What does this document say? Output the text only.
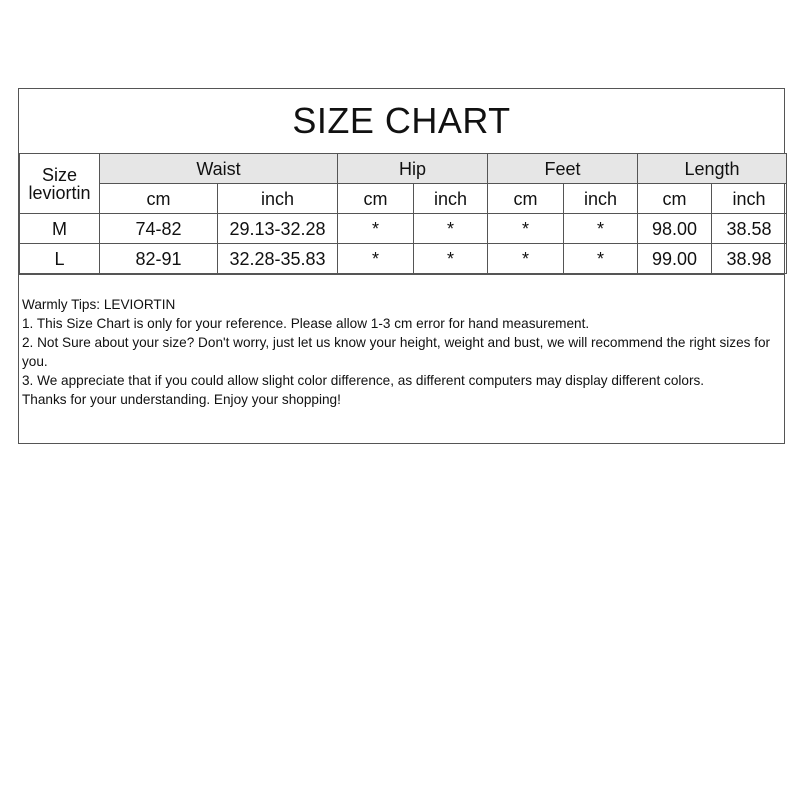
SIZE CHART
Size
leviortin	Waist		Hip		Feet		Length	
	cm	inch	cm	inch	cm	inch	cm	inch
M	74-82	29.13-32.28	*	*	*	*	98.00	38.58
L	82-91	32.28-35.83	*	*	*	*	99.00	38.98

Warmly Tips: LEVIORTIN

1. This Size Chart is only for your reference. Please allow 1-3 cm error for hand measurement.

2. Not Sure about your size? Don't worry, just let us know your height, weight and bust, we will recommend the right sizes for you.

3. We appreciate that if you could allow slight color difference, as different computers may display different colors.

Thanks for your understanding. Enjoy your shopping!
